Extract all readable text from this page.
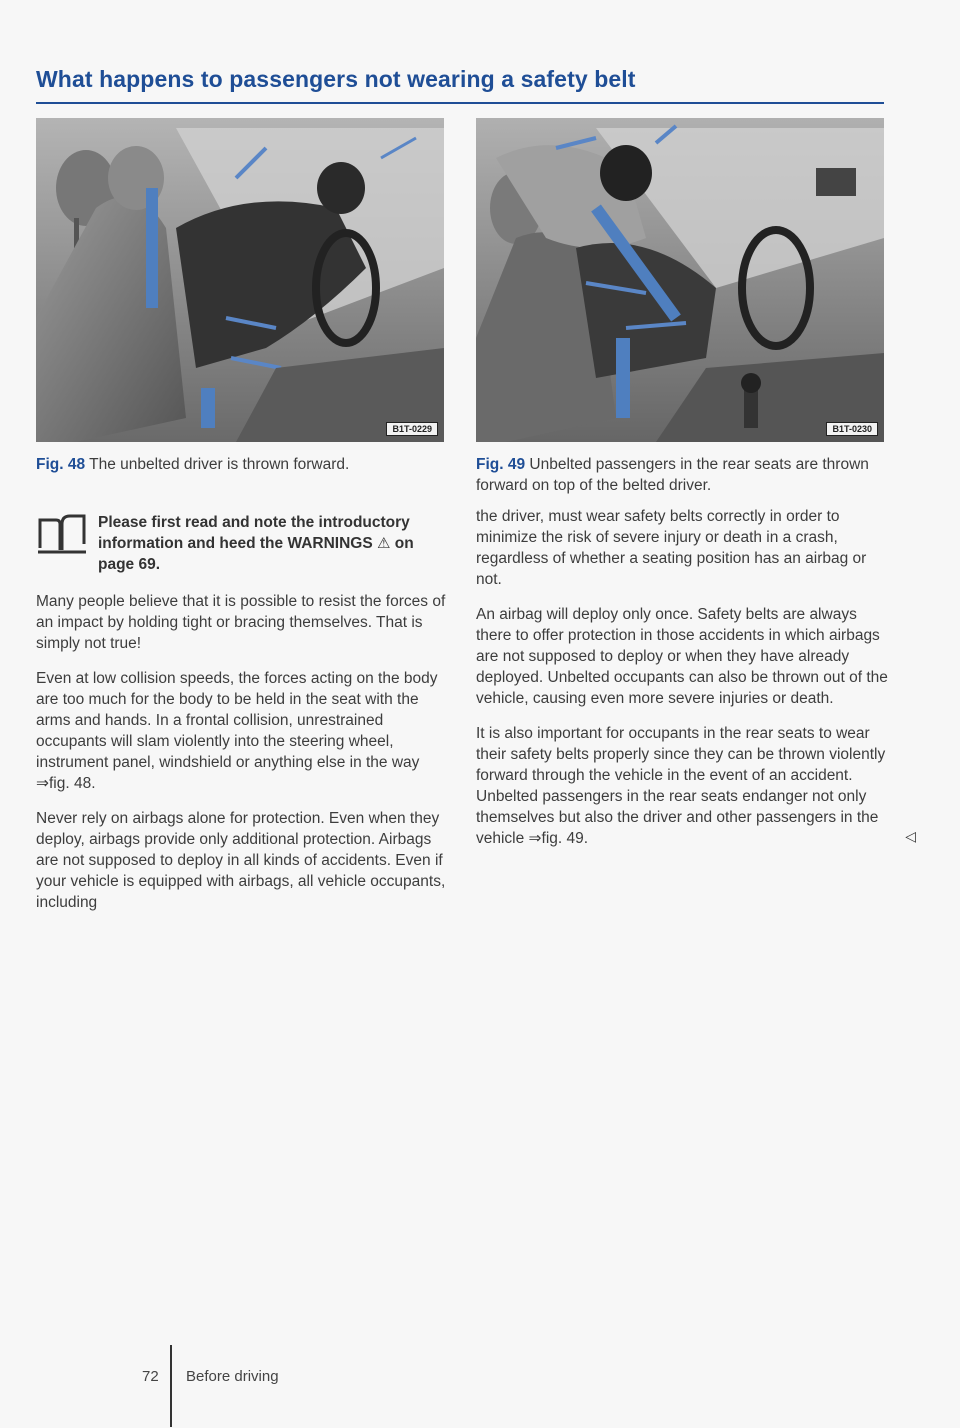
What happens to passengers not wearing a safety belt
B1T-0229	B1T-0230
Fig. 48 The unbelted driver is thrown forward.	Fig. 49 Unbelted passengers in the rear seats are thrown forward on top of the belted driver.
Please first read and note the introductory information and heed the WARNINGS ⚠ on page 69.

Many people believe that it is possible to resist the forces of an impact by holding tight or bracing themselves. That is simply not true!

Even at low collision speeds, the forces acting on the body are too much for the body to be held in the seat with the arms and hands. In a frontal collision, unrestrained occupants will slam violently into the steering wheel, instrument panel, windshield or anything else in the way ⇒fig. 48.

Never rely on airbags alone for protection. Even when they deploy, airbags provide only additional protection. Airbags are not supposed to deploy in all kinds of accidents. Even if your vehicle is equipped with airbags, all vehicle occupants, including

the driver, must wear safety belts correctly in order to minimize the risk of severe injury or death in a crash, regardless of whether a seating position has an airbag or not.

An airbag will deploy only once. Safety belts are always there to offer protection in those accidents in which airbags are not supposed to deploy or when they have already deployed. Unbelted occupants can also be thrown out of the vehicle, causing even more severe injuries or death.

It is also important for occupants in the rear seats to wear their safety belts properly since they can be thrown violently forward through the vehicle in the event of an accident. Unbelted passengers in the rear seats endanger not only themselves but also the driver and other passengers in the vehicle ⇒fig. 49.	◁

72 Before driving
